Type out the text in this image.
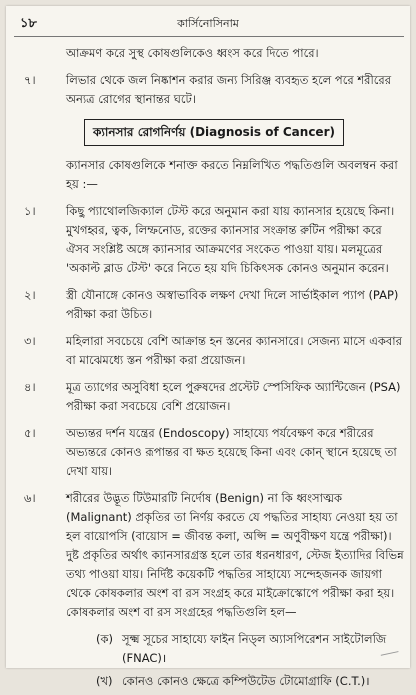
১৮	কার্সিনোসিনাম

আক্রমণ করে সুস্থ কোষগুলিকেও ধ্বংস করে দিতে পারে।

৭।	লিভার থেকে জল নিষ্কাশন করার জন্য সিরিঞ্জ ব্যবহৃত হলে পরে শরীরের অন্যত্র রোগের স্থানান্তর ঘটে।
ক্যানসার রোগনির্ণয় (Diagnosis of Cancer)

ক্যানসার কোষগুলিকে শনাক্ত করতে নিম্নলিখিত পদ্ধতিগুলি অবলম্বন করা হয় :—

১।	কিছু প্যাথোলজিক্যাল টেস্ট করে অনুমান করা যায় ক্যানসার হয়েছে কিনা। মুখগহ্বর, ত্বক, লিম্ফনোড, রক্তের ক্যানসার সংক্রান্ত রুটিন পরীক্ষা করে ঐসব সংশ্লিষ্ট অঙ্গে ক্যানসার আক্রমণের সংকেত পাওয়া যায়। মলমূত্রের 'অকাল্ট ব্লাড টেস্ট' করে নিতে হয় যদি চিকিৎসক কোনও অনুমান করেন।
২।	স্ত্রী যৌনাঙ্গে কোনও অস্বাভাবিক লক্ষণ দেখা দিলে সার্ভাইকাল প্যাপ (PAP) পরীক্ষা করা উচিত।
৩।	মহিলারা সবচেয়ে বেশি আক্রান্ত হন স্তনের ক্যানসারে। সেজন্য মাসে একবার বা মাঝেমধ্যে স্তন পরীক্ষা করা প্রয়োজন।
৪।	মূত্র ত্যাগের অসুবিধা হলে পুরুষদের প্রস্টেট স্পেসিফিক অ্যান্টিজেন (PSA) পরীক্ষা করা সবচেয়ে বেশি প্রয়োজন।
৫।	অভ্যন্তর দর্শন যন্ত্রের (Endoscopy) সাহায্যে পর্যবেক্ষণ করে শরীরের অভ্যন্তরে কোনও রূপান্তর বা ক্ষত হয়েছে কিনা এবং কোন্ স্থানে হয়েছে তা দেখা যায়।
৬।	শরীরের উদ্ভূত টিউমারটি নির্দোষ (Benign) না কি ধ্বংসাত্মক (Malignant) প্রকৃতির তা নির্ণয় করতে যে পদ্ধতির সাহায্য নেওয়া হয় তা হল বায়োপসি (বায়োস = জীবন্ত কলা, অপ্সি = অণুবীক্ষণ যন্ত্রে পরীক্ষা)। দুষ্ট প্রকৃতির অর্থাৎ ক্যানসারগ্রস্ত হলে তার ধরনধারণ, স্টেজ ইত্যাদির বিভিন্ন তথ্য পাওয়া যায়। নির্দিষ্ট কয়েকটি পদ্ধতির সাহায্যে সন্দেহজনক জায়গা থেকে কোষকলার অংশ বা রস সংগ্রহ করে মাইক্রোস্কোপে পরীক্ষা করা হয়। কোষকলার অংশ বা রস সংগ্রহের পদ্ধতিগুলি হল—
(ক) সূক্ষ্ম সূচের সাহায্যে ফাইন নিড্ল অ্যাসপিরেশন সাইটোলজি (FNAC)।
(খ) কোনও কোনও ক্ষেত্রে কম্পিউটেড টোমোগ্রাফি (C.T.)।
